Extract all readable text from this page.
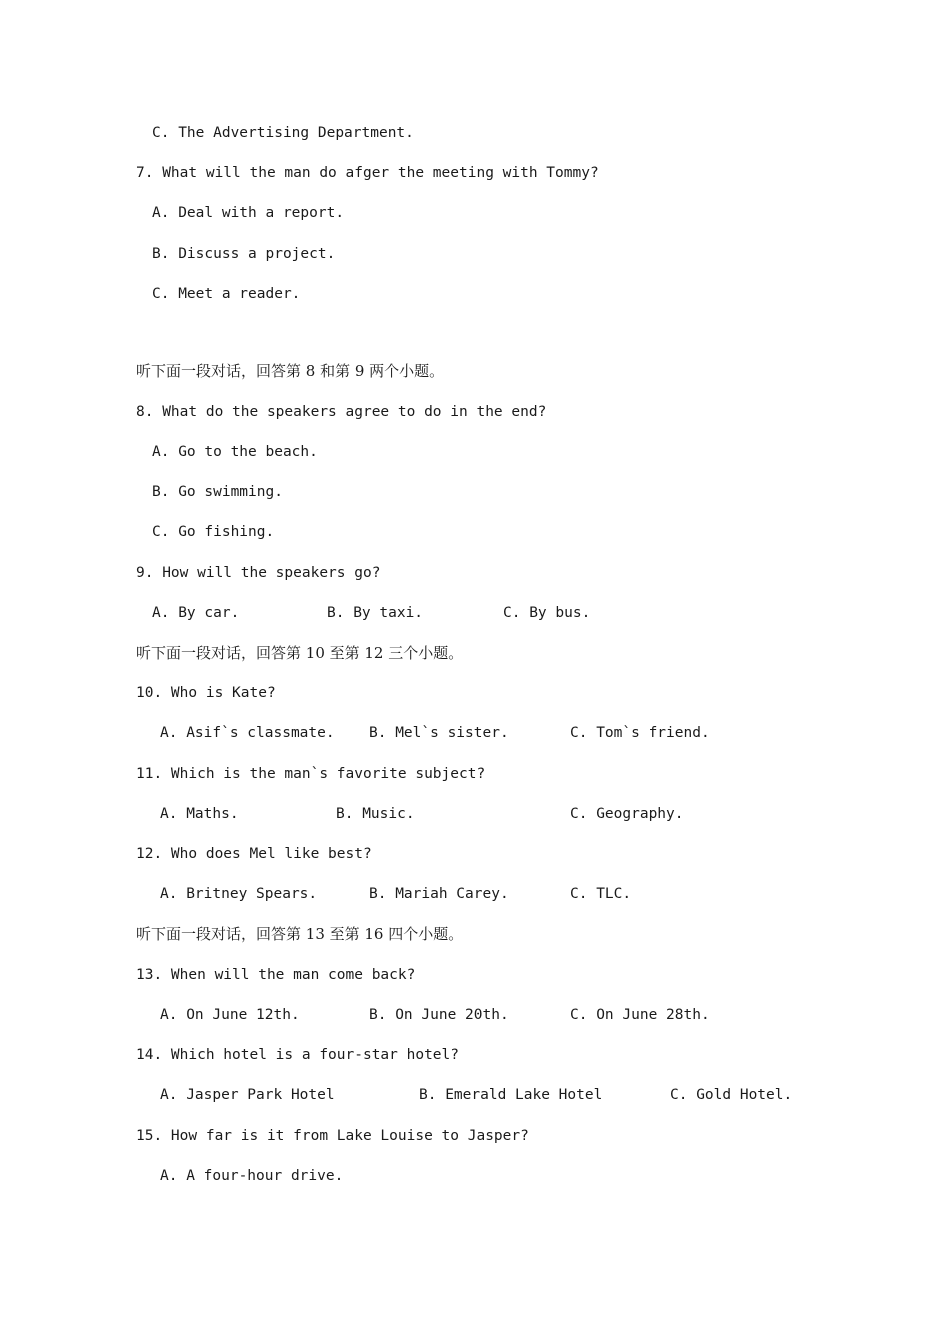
C. The Advertising Department.

7. What will the man do afger the meeting with Tommy?

A. Deal with a report.

B. Discuss a project.

C. Meet a reader.

听下面一段对话，回答第 8 和第 9 两个小题。

8. What do the speakers agree to do in the end?

A. Go to the beach.

B. Go swimming.

C. Go fishing.

9. How will the speakers go?

A. By car.	B. By taxi.	C. By bus.

听下面一段对话，回答第 10 至第 12 三个小题。

10. Who is Kate?

A. Asif`s classmate. B. Mel`s sister.	C. Tom`s friend.

11. Which is the man`s favorite subject?

A. Maths.	B. Music.	C. Geography.

12. Who does Mel like best?

A. Britney Spears.	B. Mariah Carey.	C. TLC.

听下面一段对话，回答第 13 至第 16 四个小题。

13. When will the man come back?

A. On June 12th.	B. On June 20th.	C. On June 28th.

14. Which hotel is a four-star hotel?

A. Jasper Park Hotel	B. Emerald Lake Hotel	C. Gold Hotel.

15. How far is it from Lake Louise to Jasper?

A. A four-hour drive.
